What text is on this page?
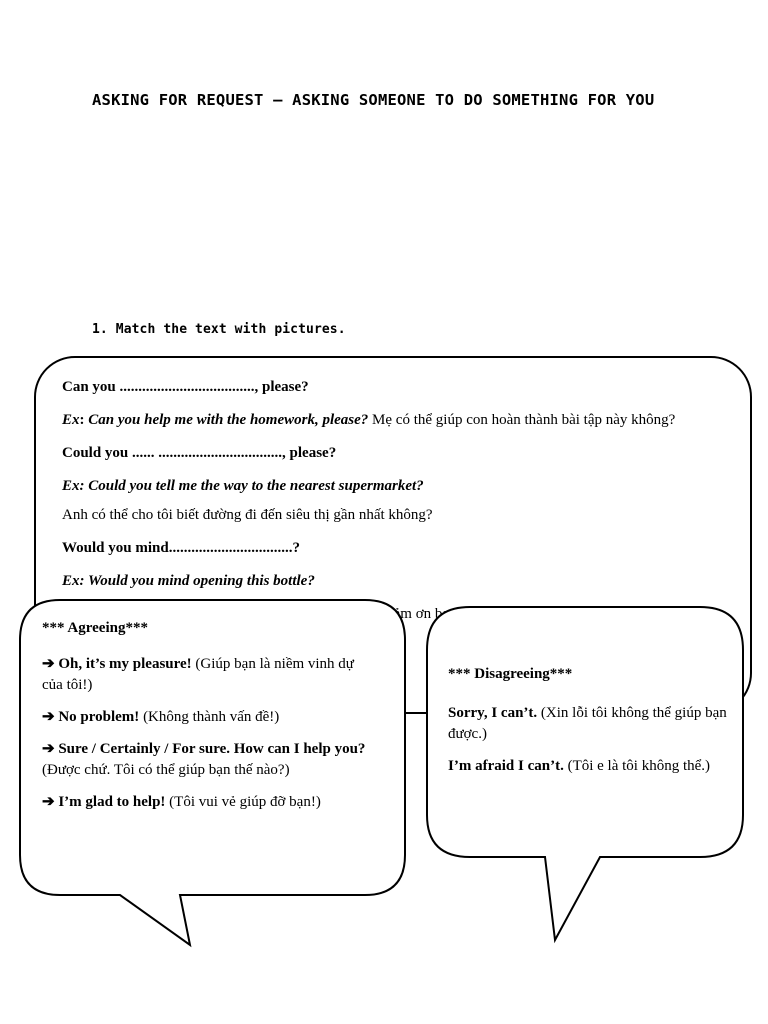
ASKING FOR REQUEST – ASKING SOMEONE TO DO SOMETHING FOR YOU
1. Match the text with pictures.

Can you ...................................., please?

Ex: Can you help me with the homework, please? Mẹ có thể giúp con hoàn thành bài tập này không?

Could you ...... ................................., please?

Ex: Could you tell me the way to the nearest supermarket?

Anh có thể cho tôi biết đường đi đến siêu thị gần nhất không?

Would you mind.................................?

Ex: Would you mind opening this bottle?

ơn

*** Agreeing***

➔ Oh, it’s my pleasure! (Giúp bạn là niềm vinh dự của tôi!)

➔ No problem! (Không thành vấn đề!)

➔ Sure / Certainly / For sure. How can I help you? (Được chứ. Tôi có thể giúp bạn thế nào?)

➔ I’m glad to help! (Tôi vui vẻ giúp đỡ bạn!)

*** Disagreeing***

Sorry, I can’t. (Xin lỗi tôi không thể giúp bạn được.)

I’m afraid I can’t. (Tôi e là tôi không thể.)
